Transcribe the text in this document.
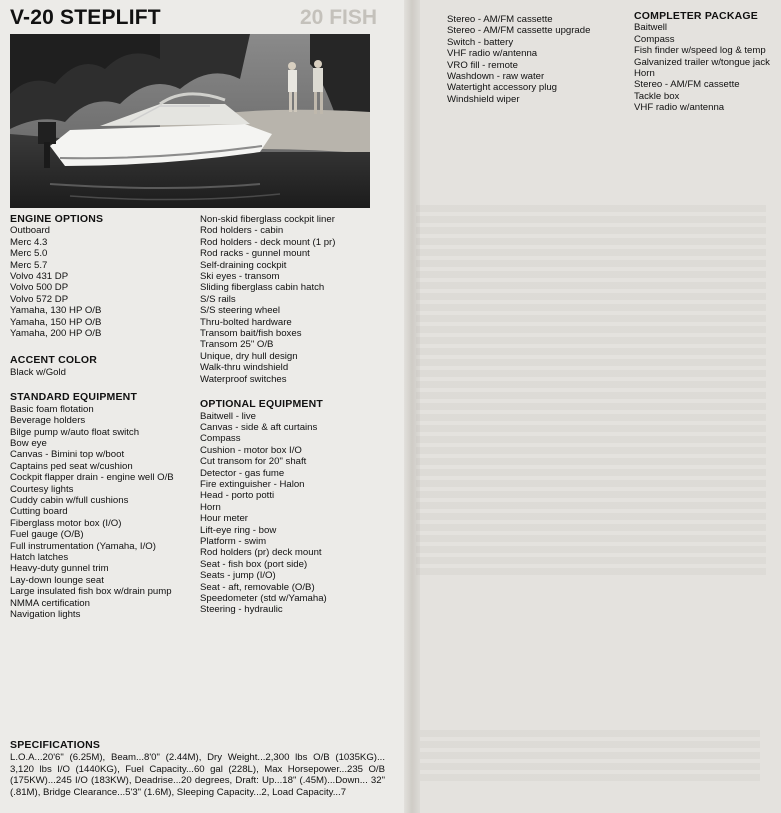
20 FISH
V-20 STEPLIFT
ENGINE OPTIONS
Outboard
Merc 4.3
Merc 5.0
Merc 5.7
Volvo 431 DP
Volvo 500 DP
Volvo 572 DP
Yamaha, 130 HP O/B
Yamaha, 150 HP O/B
Yamaha, 200 HP O/B
ACCENT COLOR
Black w/Gold
STANDARD EQUIPMENT
Basic foam flotation
Beverage holders
Bilge pump w/auto float switch
Bow eye
Canvas - Bimini top w/boot
Captains ped seat w/cushion
Cockpit flapper drain - engine well O/B
Courtesy lights
Cuddy cabin w/full cushions
Cutting board
Fiberglass motor box (I/O)
Fuel gauge (O/B)
Full instrumentation (Yamaha, I/O)
Hatch latches
Heavy-duty gunnel trim
Lay-down lounge seat
Large insulated fish box w/drain pump
NMMA certification
Navigation lights
Non-skid fiberglass cockpit liner
Rod holders - cabin
Rod holders - deck mount (1 pr)
Rod racks - gunnel mount
Self-draining cockpit
Ski eyes - transom
Sliding fiberglass cabin hatch
S/S rails
S/S steering wheel
Thru-bolted hardware
Transom bait/fish boxes
Transom 25" O/B
Unique, dry hull design
Walk-thru windshield
Waterproof switches
OPTIONAL EQUIPMENT
Baitwell - live
Canvas - side & aft curtains
Compass
Cushion - motor box I/O
Cut transom for 20" shaft
Detector - gas fume
Fire extinguisher - Halon
Head - porto potti
Horn
Hour meter
Lift-eye ring - bow
Platform - swim
Rod holders (pr) deck mount
Seat - fish box (port side)
Seats - jump (I/O)
Seat - aft, removable (O/B)
Speedometer (std w/Yamaha)
Steering - hydraulic
Stereo - AM/FM cassette
Stereo - AM/FM cassette upgrade
Switch - battery
VHF radio w/antenna
VRO fill - remote
Washdown - raw water
Watertight accessory plug
Windshield wiper
COMPLETER PACKAGE
Baitwell
Compass
Fish finder w/speed log & temp
Galvanized trailer w/tongue jack
Horn
Stereo - AM/FM cassette
Tackle box
VHF radio w/antenna
SPECIFICATIONS

L.O.A...20'6" (6.25M), Beam...8'0" (2.44M), Dry Weight...2,300 lbs O/B (1035KG)... 3,120 lbs I/O (1440KG), Fuel Capacity...60 gal (228L), Max Horsepower...235 O/B (175KW)...245 I/O (183KW), Deadrise...20 degrees, Draft: Up...18" (.45M)...Down... 32" (.81M), Bridge Clearance...5'3" (1.6M), Sleeping Capacity...2, Load Capacity...7
